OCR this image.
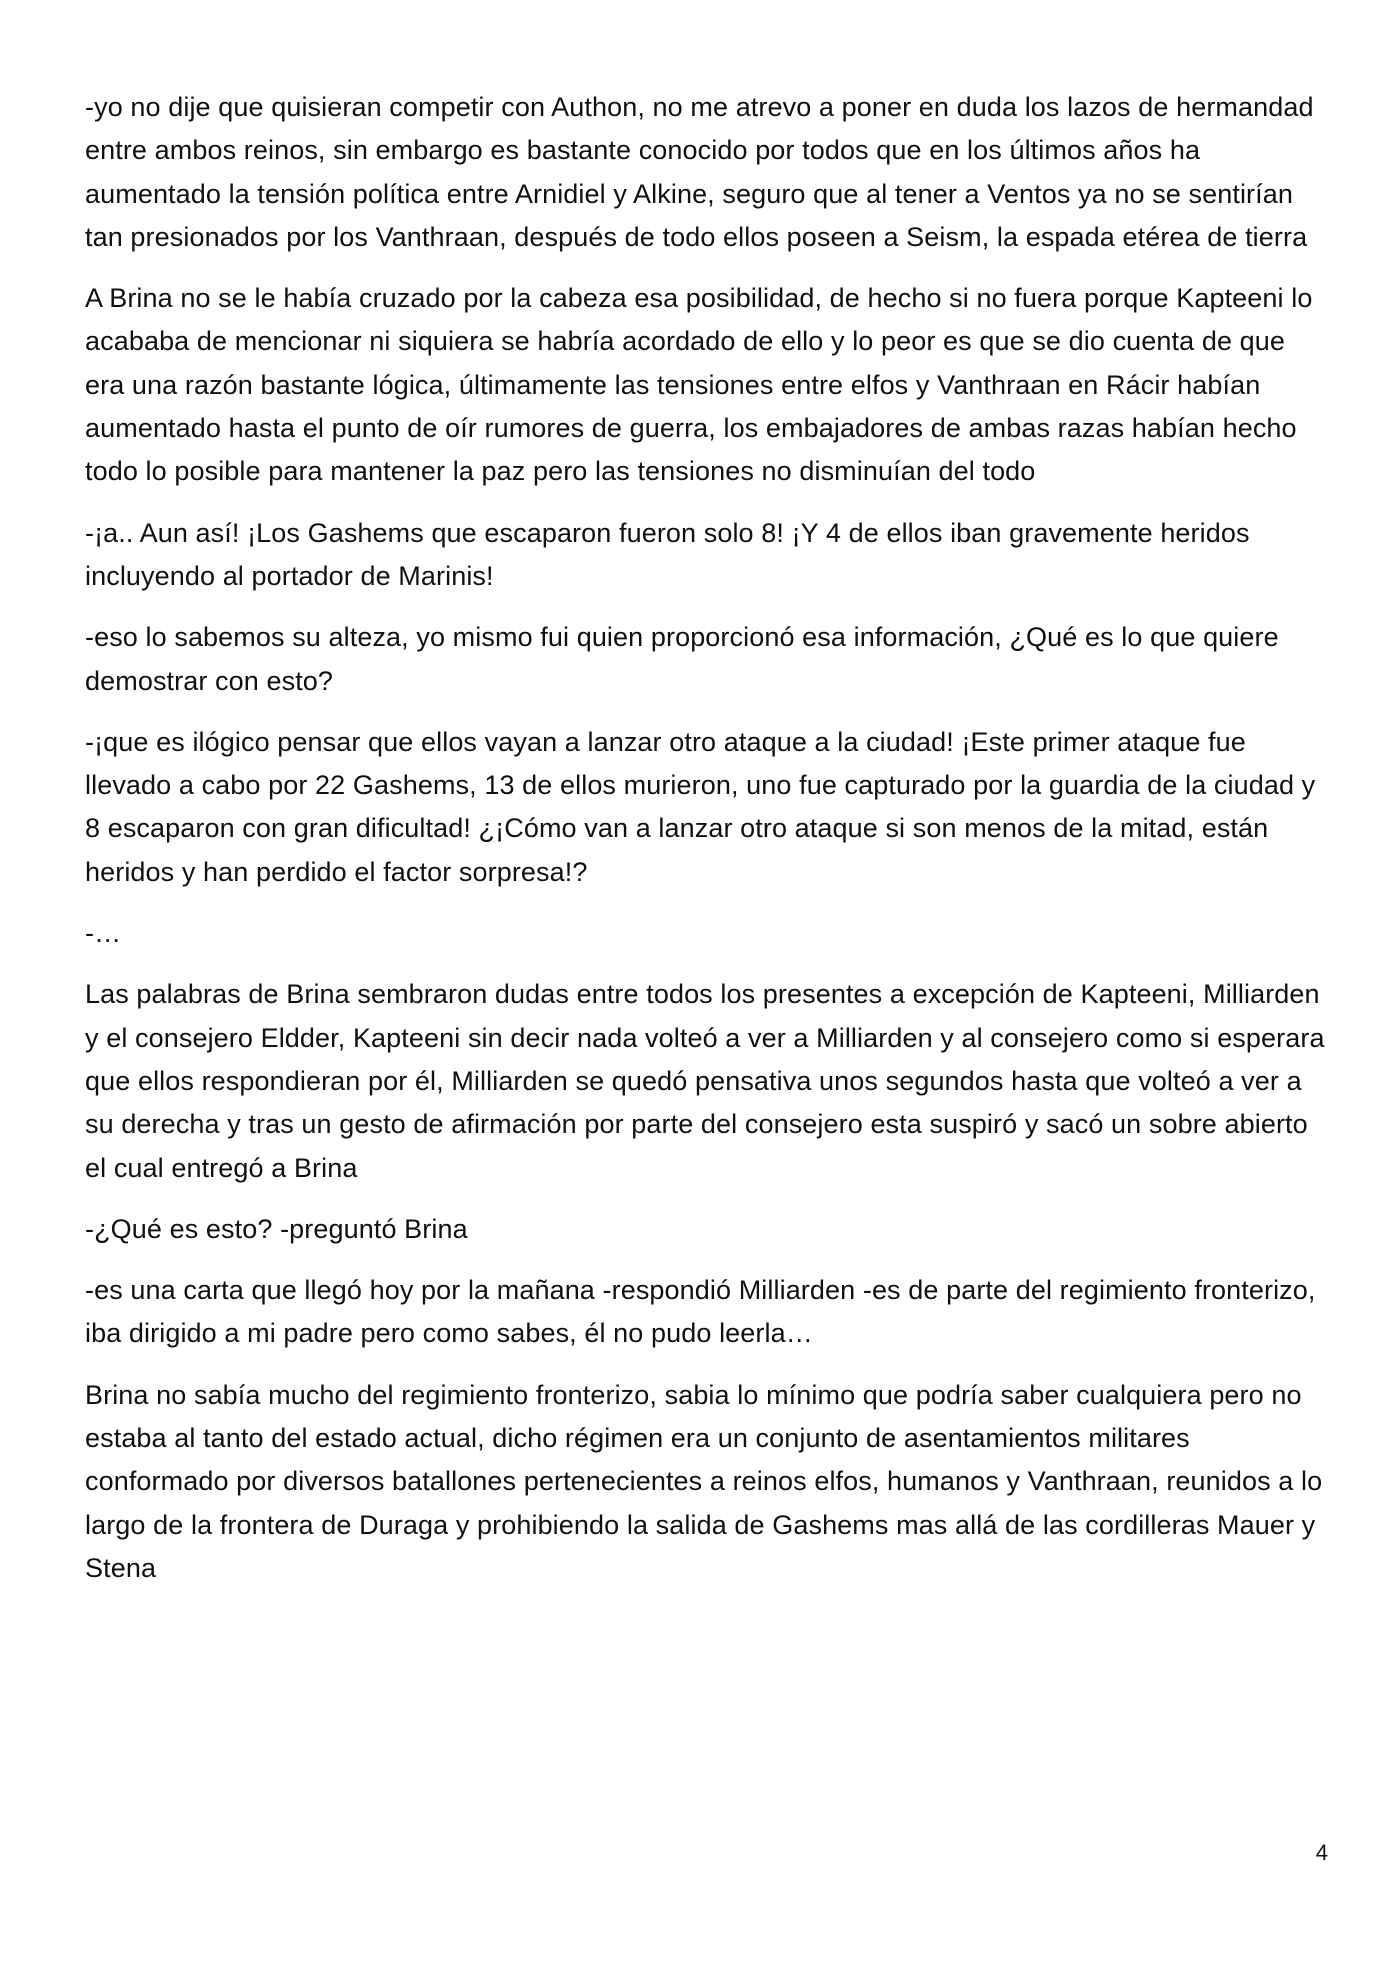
-yo no dije que quisieran competir con Authon, no me atrevo a poner en duda los lazos de hermandad entre ambos reinos, sin embargo es bastante conocido por todos que en los últimos años ha aumentado la tensión política entre Arnidiel y Alkine, seguro que al tener a Ventos ya no se sentirían tan presionados por los Vanthraan, después de todo ellos poseen a Seism, la espada etérea de tierra

A Brina no se le había cruzado por la cabeza esa posibilidad, de hecho si no fuera porque Kapteeni lo acababa de mencionar ni siquiera se habría acordado de ello y lo peor es que se dio cuenta de que era una razón bastante lógica, últimamente las tensiones entre elfos y Vanthraan en Rácir habían aumentado hasta el punto de oír rumores de guerra, los embajadores de ambas razas habían hecho todo lo posible para mantener la paz pero las tensiones no disminuían del todo

-¡a.. Aun así! ¡Los Gashems que escaparon fueron solo 8! ¡Y 4 de ellos iban gravemente heridos incluyendo al portador de Marinis!

-eso lo sabemos su alteza, yo mismo fui quien proporcionó esa información, ¿Qué es lo que quiere demostrar con esto?

-¡que es ilógico pensar que ellos vayan a lanzar otro ataque a la ciudad! ¡Este primer ataque fue llevado a cabo por 22 Gashems, 13 de ellos murieron, uno fue capturado por la guardia de la ciudad y 8 escaparon con gran dificultad! ¿¡Cómo van a lanzar otro ataque si son menos de la mitad, están heridos y han perdido el factor sorpresa!?

-…

Las palabras de Brina sembraron dudas entre todos los presentes a excepción de Kapteeni, Milliarden y el consejero Eldder, Kapteeni sin decir nada volteó a ver a Milliarden y al consejero como si esperara que ellos respondieran por él, Milliarden se quedó pensativa unos segundos hasta que volteó a ver a su derecha y tras un gesto de afirmación por parte del consejero esta suspiró y sacó un sobre abierto el cual entregó a Brina

-¿Qué es esto? -preguntó Brina

-es una carta que llegó hoy por la mañana -respondió Milliarden -es de parte del regimiento fronterizo, iba dirigido a mi padre pero como sabes, él no pudo leerla…

Brina no sabía mucho del regimiento fronterizo, sabia lo mínimo que podría saber cualquiera pero no estaba al tanto del estado actual, dicho régimen era un conjunto de asentamientos militares conformado por diversos batallones pertenecientes a reinos elfos, humanos y Vanthraan, reunidos a lo largo de la frontera de Duraga y prohibiendo la salida de Gashems mas allá de las cordilleras Mauer y Stena

4
